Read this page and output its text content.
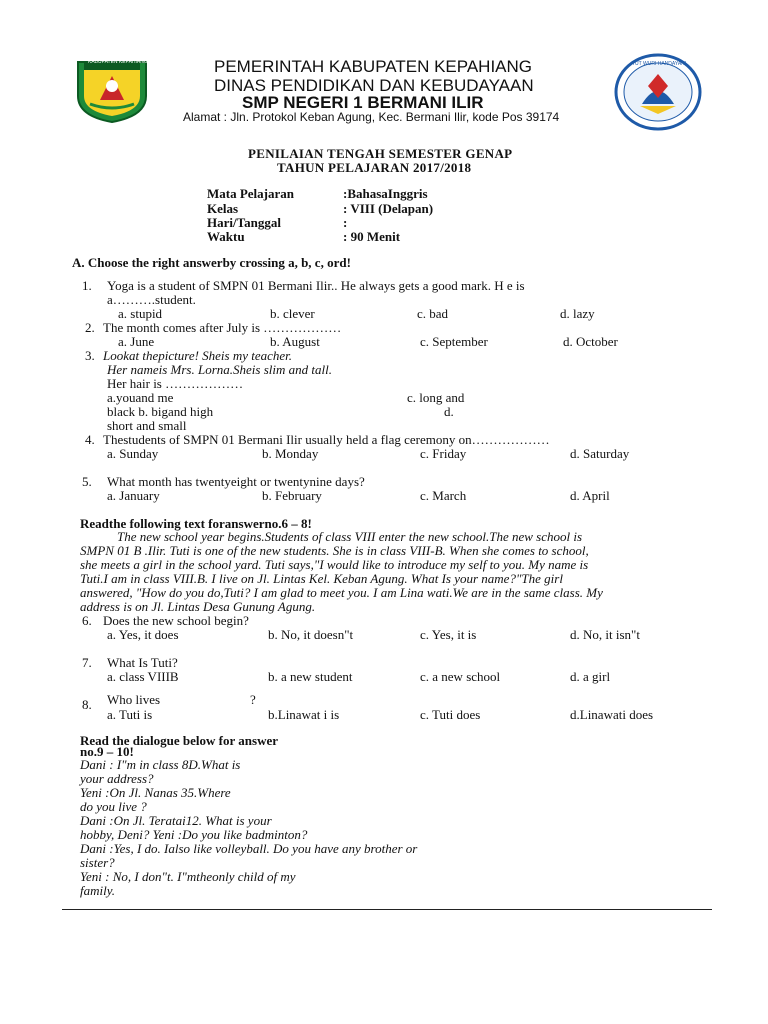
KABUPATEN KEPAHIANG	TUT WURI HANDAYANI
PEMERINTAH KABUPATEN KEPAHIANG
DINAS PENDIDIKAN DAN KEBUDAYAAN
SMP NEGERI 1 BERMANI ILIR
Alamat : Jln. Protokol Keban Agung, Kec. Bermani Ilir, kode Pos 39174
PENILAIAN TENGAH SEMESTER GENAP
TAHUN PELAJARAN 2017/2018
Mata Pelajaran	:BahasaInggris
Kelas	: VIII (Delapan)
Hari/Tanggal	:
Waktu	: 90 Menit
A. Choose the right answerby crossing a, b, c, ord!
1. Yoga is a student of SMPN 01 Bermani Ilir.. He always gets a good mark. H e is
a……….student.
a. stupid	b. clever	c. bad	d. lazy
2. The month comes after July is ………………
a. June	b. August	c. September	d. October
3. Lookat thepicture! Sheis my teacher.
Her nameis Mrs. Lorna.Sheis slim and tall.
Her hair is ………………
a.youand me	c. long and
black b. bigand high	d.
short and small
4. Thestudents of SMPN 01 Bermani Ilir usually held a flag ceremony on………………
a. Sunday	b. Monday	c. Friday	d. Saturday
5. What month has twentyeight or twentynine days?
a. January	b. February	c. March	d. April
Readthe following text foranswerno.6 – 8!
The new school year begins.Students of class VIII enter the new school.The new school is
SMPN 01 B .Ilir. Tuti is one of the new students. She is in class VIII-B. When she comes to school,
she meets a girl in the school yard. Tuti says,"I would like to introduce my self to you. My name is
Tuti.I am in class VIII.B. I live on Jl. Lintas Kel. Keban Agung. What Is your name?"The girl
answered, "How do you do,Tuti? I am glad to meet you. I am Lina wati.We are in the same class. My
address is on Jl. Lintas Desa Gunung Agung.
6. Does the new school begin?
a. Yes, it does	b. No, it doesn"t	c. Yes, it is	d. No, it isn"t
7. What Is Tuti?
a. class VIIIB	b. a new student	c. a new school	d. a girl
8. Who lives	?
a. Tuti is	b.Linawat i is	c. Tuti does	d.Linawati does
Read the dialogue below for answer
no.9 – 10!
Dani : I"m in class 8D.What is
your address?
Yeni :On Jl. Nanas 35.Where
do you live ?
Dani :On Jl. Teratai12. What is your
hobby, Deni? Yeni :Do you like badminton?
Dani :Yes, I do. Ialso like volleyball. Do you have any brother or
sister?
Yeni : No, I don"t. I"mtheonly child of my
family.
